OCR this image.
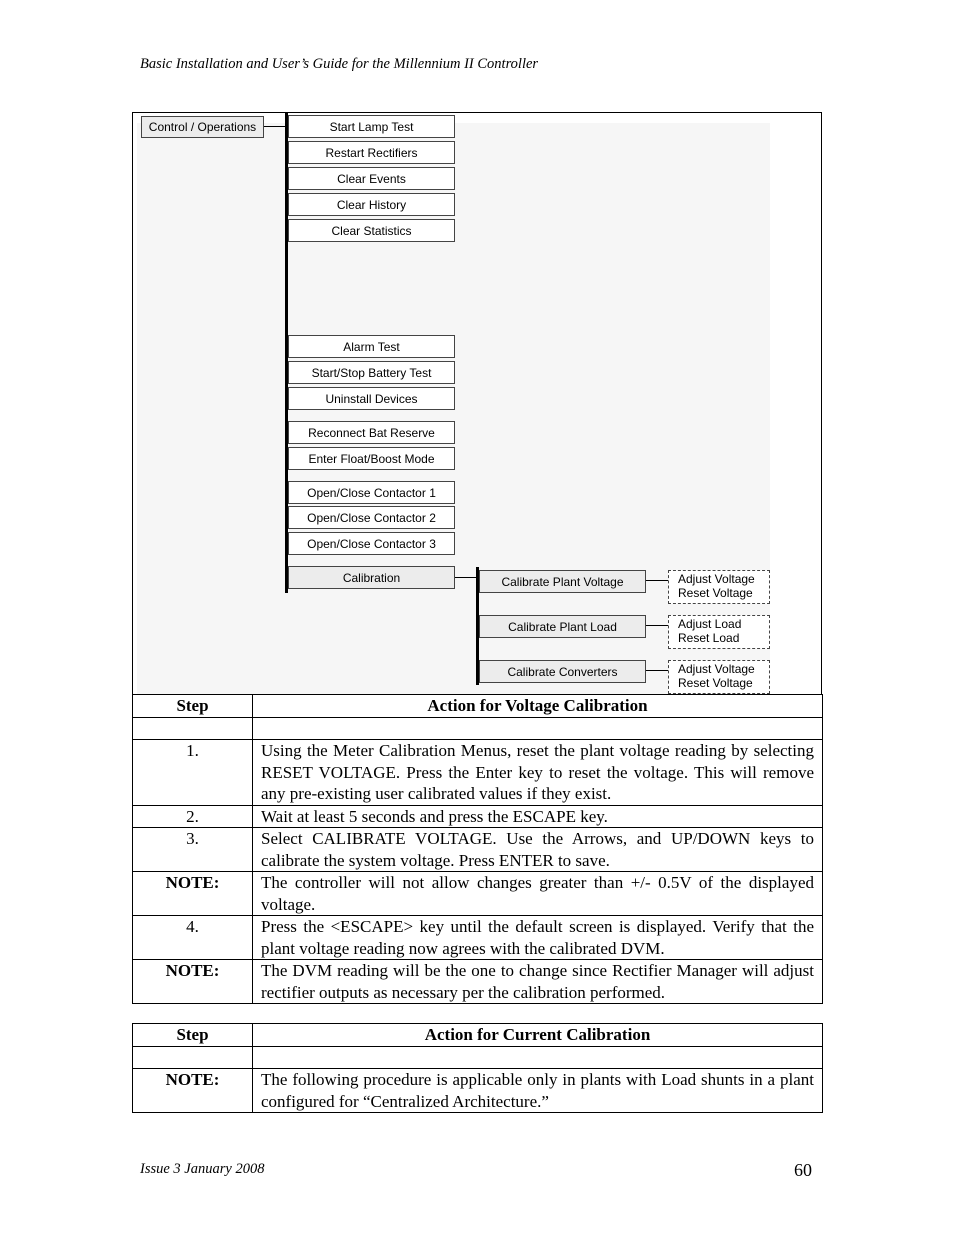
Basic Installation and User’s Guide for the Millennium II Controller
Control / Operations	Start Lamp Test
Restart Rectifiers
Clear Events
Clear History
Clear Statistics
Alarm Test
Start/Stop Battery Test
Uninstall Devices
Reconnect Bat Reserve
Enter Float/Boost Mode
Open/Close Contactor 1
Open/Close Contactor 2
Open/Close Contactor 3
Calibration	Calibrate Plant Voltage	Adjust Voltage
Reset Voltage
Calibrate Plant Load	Adjust Load
Reset Load
Calibrate Converters	Adjust Voltage
Reset Voltage
Step	Action for Voltage Calibration

1.	Using the Meter Calibration Menus, reset the plant voltage reading by selecting RESET VOLTAGE. Press the Enter key to reset the voltage. This will remove any pre-existing user calibrated values if they exist.
2.	Wait at least 5 seconds and press the ESCAPE key.
3.	Select CALIBRATE VOLTAGE. Use the Arrows, and UP/DOWN keys to calibrate the system voltage. Press ENTER to save.
NOTE:	The controller will not allow changes greater than +/- 0.5V of the displayed voltage.
4.	Press the <ESCAPE> key until the default screen is displayed. Verify that the plant voltage reading now agrees with the calibrated DVM.
NOTE:	The DVM reading will be the one to change since Rectifier Manager will adjust rectifier outputs as necessary per the calibration performed.
Step	Action for Current Calibration

NOTE:	The following procedure is applicable only in plants with Load shunts in a plant configured for “Centralized Architecture.”
Issue 3 January 2008	60
